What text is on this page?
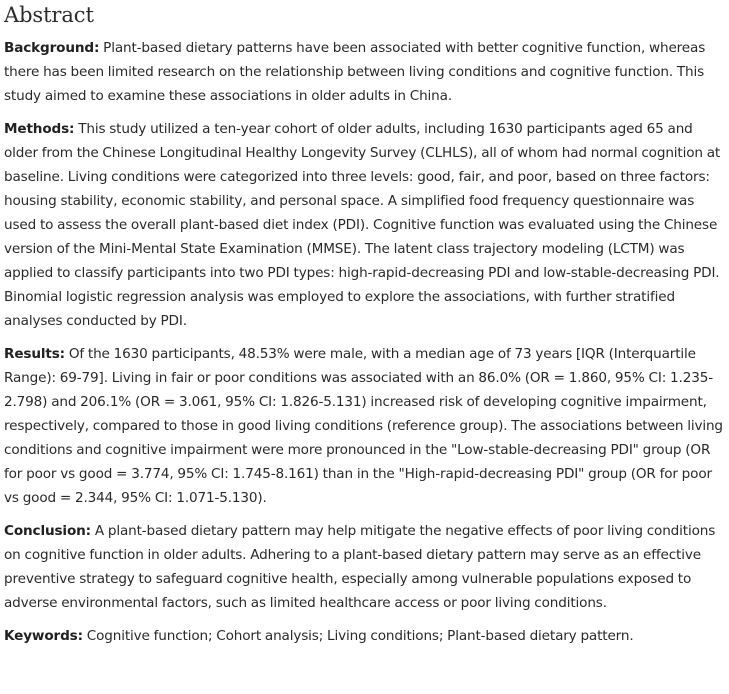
Abstract

Background: Plant-based dietary patterns have been associated with better cognitive function, whereas there has been limited research on the relationship between living conditions and cognitive function. This study aimed to examine these associations in older adults in China.

Methods: This study utilized a ten-year cohort of older adults, including 1630 participants aged 65 and older from the Chinese Longitudinal Healthy Longevity Survey (CLHLS), all of whom had normal cognition at baseline. Living conditions were categorized into three levels: good, fair, and poor, based on three factors: housing stability, economic stability, and personal space. A simplified food frequency questionnaire was used to assess the overall plant-based diet index (PDI). Cognitive function was evaluated using the Chinese version of the Mini-Mental State Examination (MMSE). The latent class trajectory modeling (LCTM) was applied to classify participants into two PDI types: high-rapid-decreasing PDI and low-stable-decreasing PDI. Binomial logistic regression analysis was employed to explore the associations, with further stratified analyses conducted by PDI.

Results: Of the 1630 participants, 48.53% were male, with a median age of 73 years [IQR (Interquartile Range): 69-79]. Living in fair or poor conditions was associated with an 86.0% (OR = 1.860, 95% CI: 1.235-2.798) and 206.1% (OR = 3.061, 95% CI: 1.826-5.131) increased risk of developing cognitive impairment, respectively, compared to those in good living conditions (reference group). The associations between living conditions and cognitive impairment were more pronounced in the "Low-stable-decreasing PDI" group (OR for poor vs good = 3.774, 95% CI: 1.745-8.161) than in the "High-rapid-decreasing PDI" group (OR for poor vs good = 2.344, 95% CI: 1.071-5.130).

Conclusion: A plant-based dietary pattern may help mitigate the negative effects of poor living conditions on cognitive function in older adults. Adhering to a plant-based dietary pattern may serve as an effective preventive strategy to safeguard cognitive health, especially among vulnerable populations exposed to adverse environmental factors, such as limited healthcare access or poor living conditions.

Keywords: Cognitive function; Cohort analysis; Living conditions; Plant-based dietary pattern.
